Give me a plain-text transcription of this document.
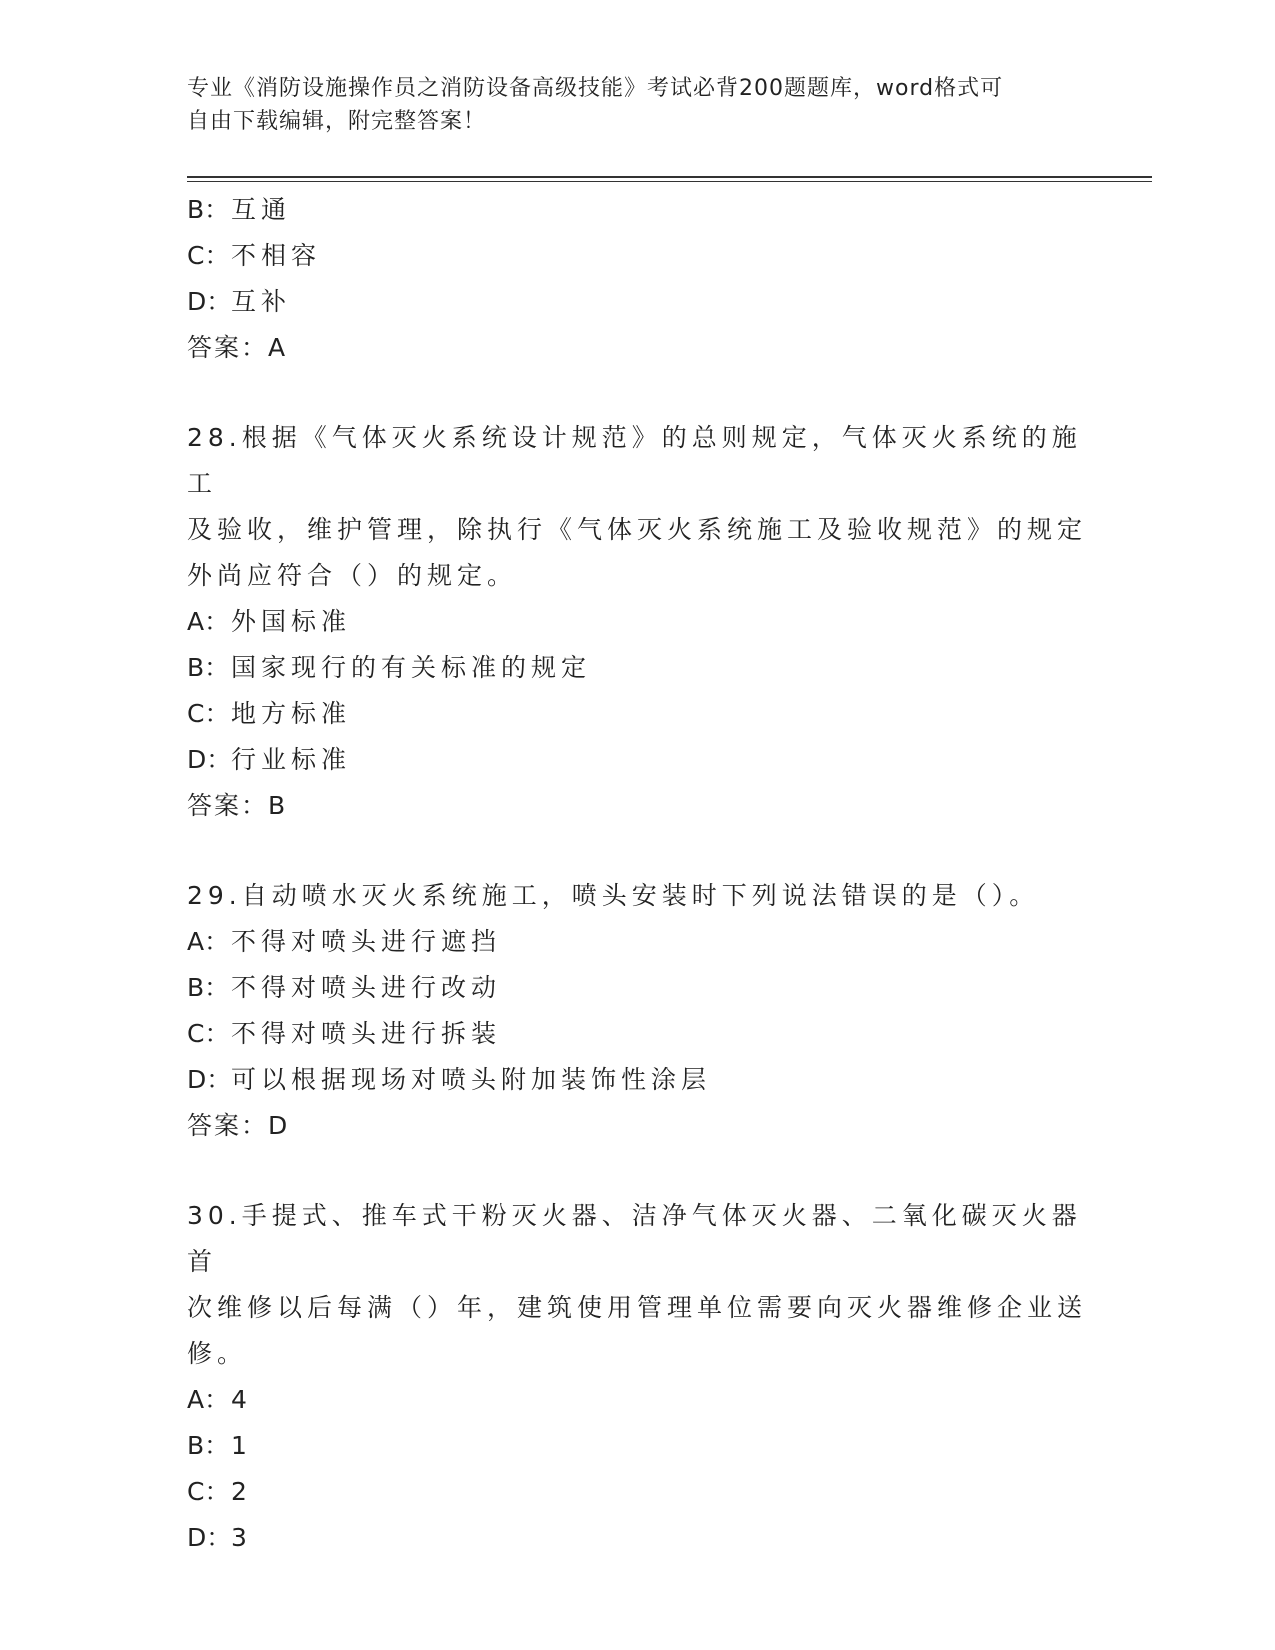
专业《消防设施操作员之消防设备高级技能》考试必背200题题库，word格式可
自由下载编辑，附完整答案！
B：互通
C：不相容
D：互补
答案：A
28.根据《气体灭火系统设计规范》的总则规定，气体灭火系统的施工
及验收，维护管理，除执行《气体灭火系统施工及验收规范》的规定
外尚应符合（）的规定。
A：外国标准
B：国家现行的有关标准的规定
C：地方标准
D：行业标准
答案：B
29.自动喷水灭火系统施工，喷头安装时下列说法错误的是（）。
A：不得对喷头进行遮挡
B：不得对喷头进行改动
C：不得对喷头进行拆装
D：可以根据现场对喷头附加装饰性涂层
答案：D
30.手提式、推车式干粉灭火器、洁净气体灭火器、二氧化碳灭火器首
次维修以后每满（）年，建筑使用管理单位需要向灭火器维修企业送
修。
A：4
B：1
C：2
D：3
